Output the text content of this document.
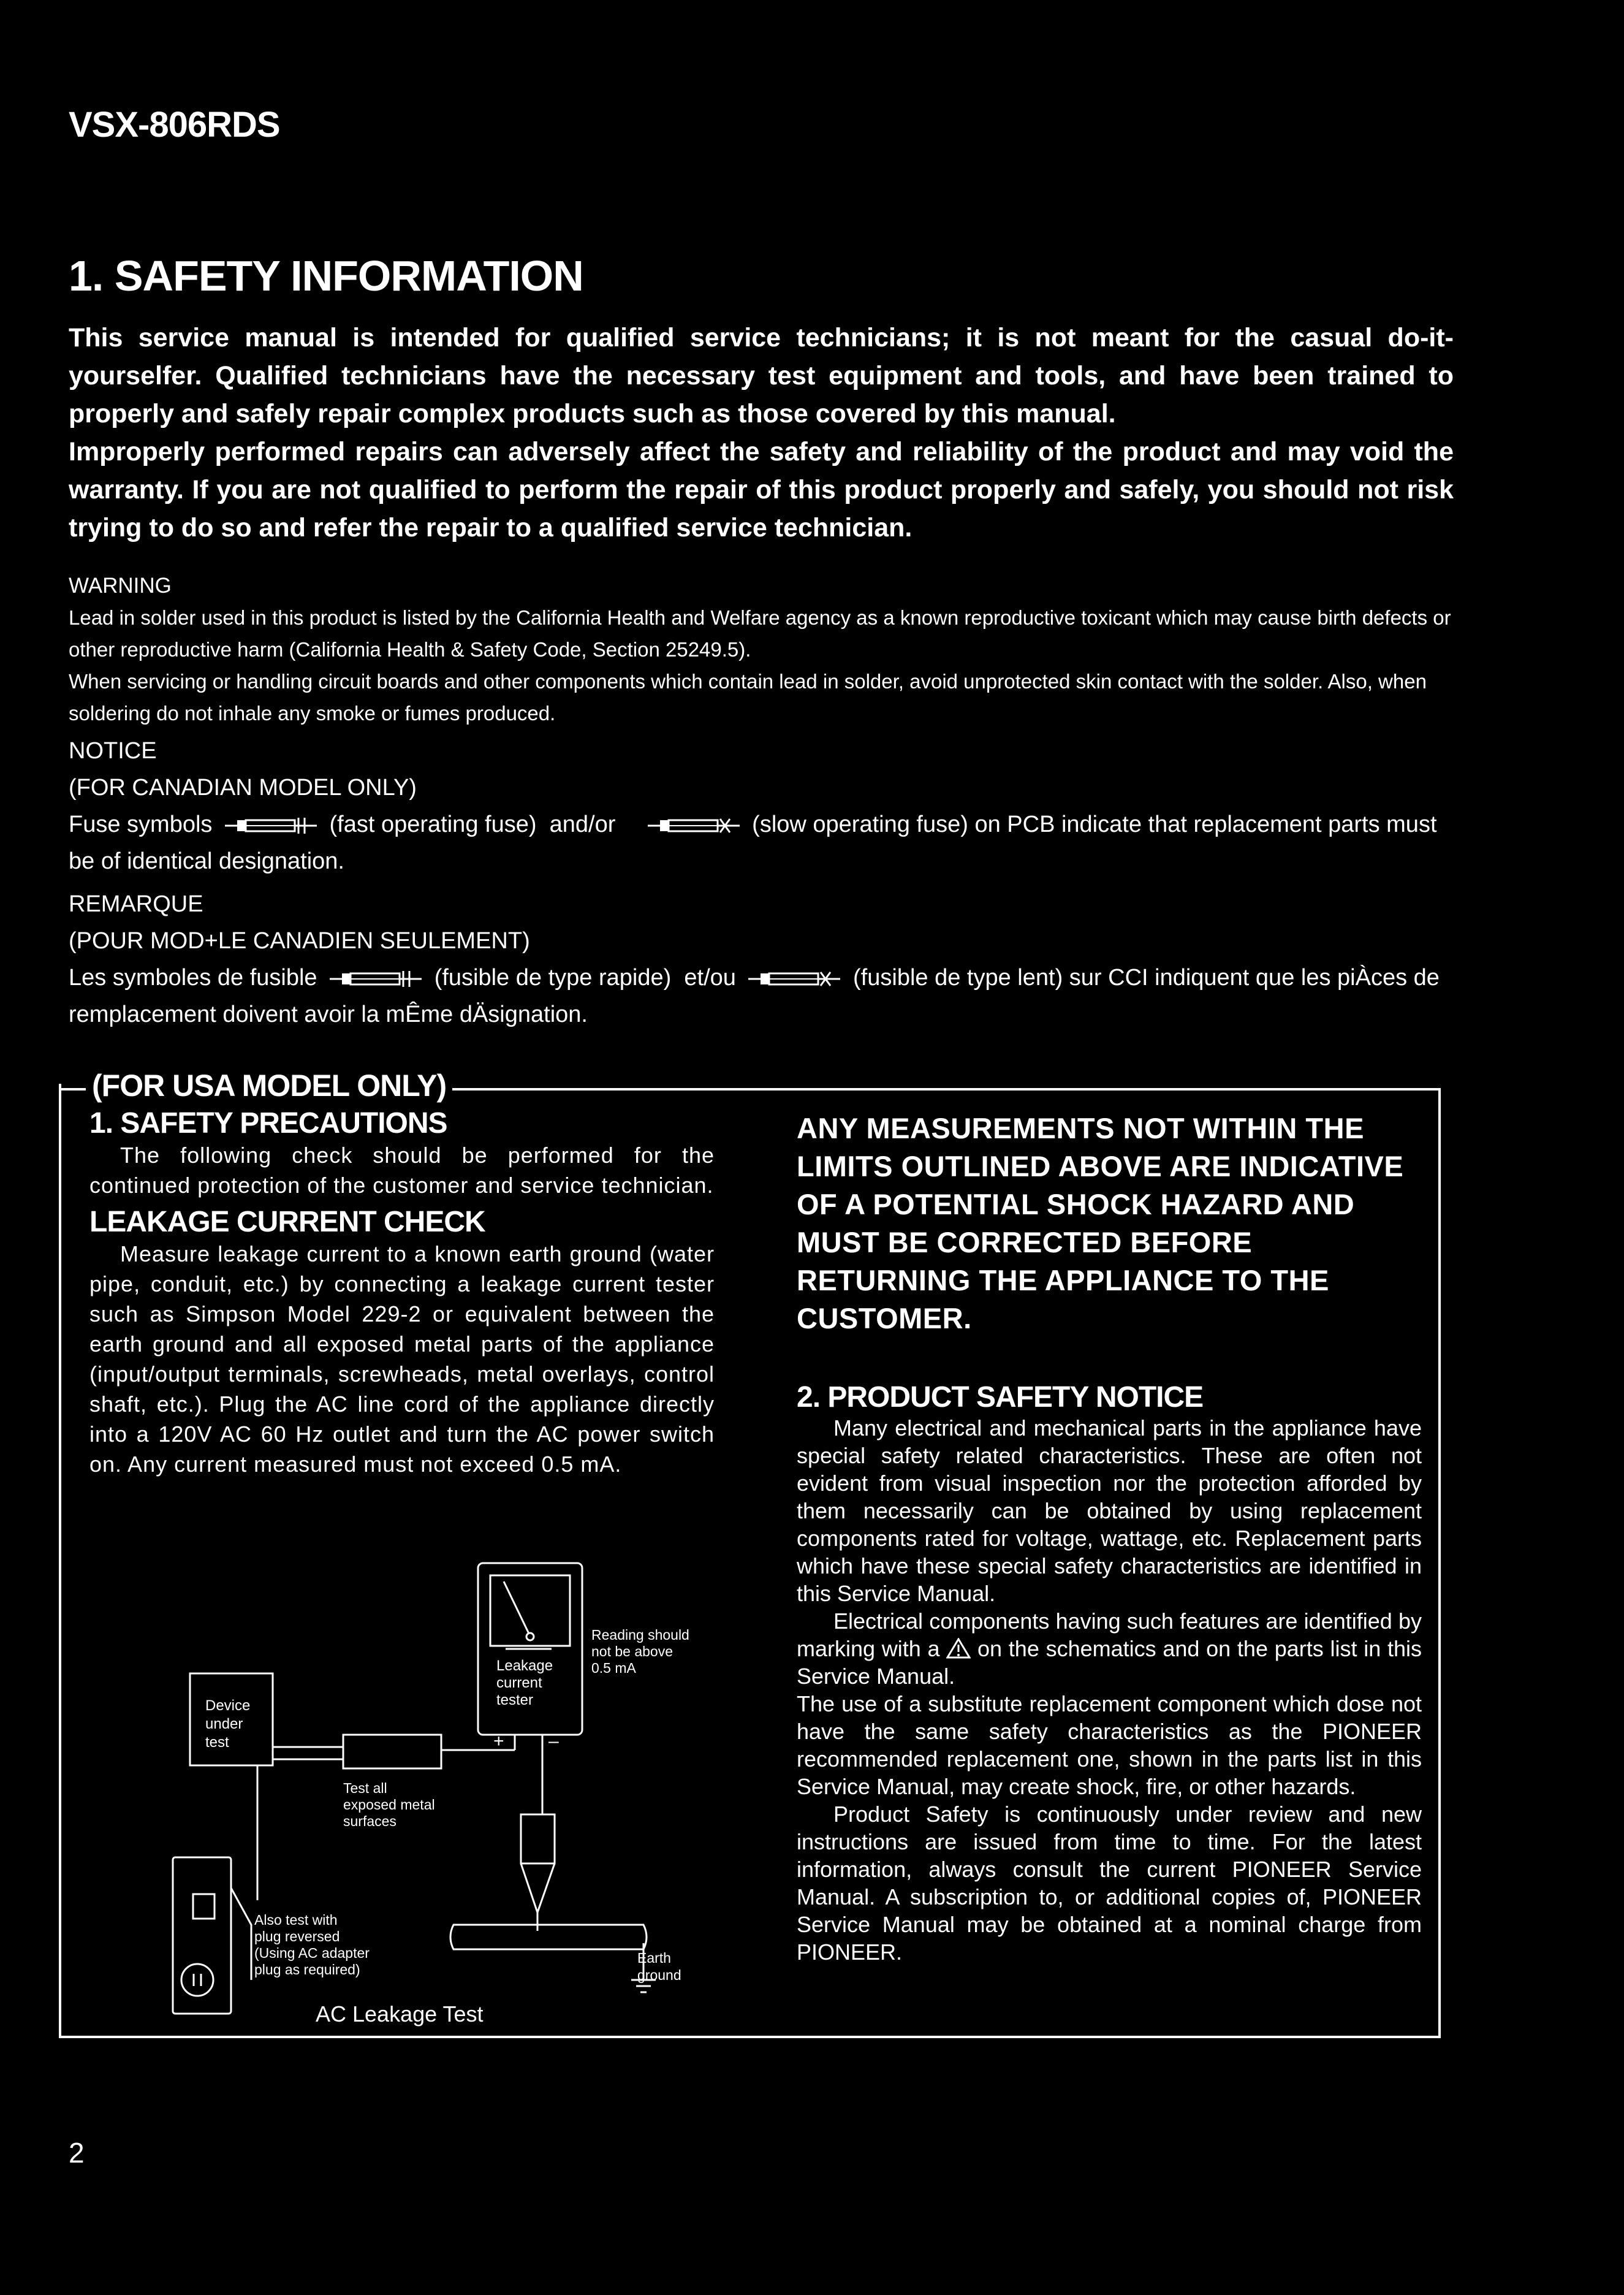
VSX-806RDS
1. SAFETY INFORMATION

This service manual is intended for qualified service technicians; it is not meant for the casual do-it-yourselfer. Qualified technicians have the necessary test equipment and tools, and have been trained to properly and safely repair complex products such as those covered by this manual.

Improperly performed repairs can adversely affect the safety and reliability of the product and may void the warranty. If you are not qualified to perform the repair of this product properly and safely, you should not risk trying to do so and refer the repair to a qualified service technician.

WARNING
Lead in solder used in this product is listed by the California Health and Welfare agency as a known reproductive toxicant which may cause birth defects or other reproductive harm (California Health & Safety Code, Section 25249.5).
When servicing or handling circuit boards and other components which contain lead in solder, avoid unprotected skin contact with the solder. Also, when soldering do not inhale any smoke or fumes produced.

NOTICE

(FOR CANADIAN MODEL ONLY)

Fuse symbols	(fast operating fuse) and/or	(slow operating fuse) on PCB indicate that replacement parts must be of identical designation.

REMARQUE

(POUR MOD+LE CANADIEN SEULEMENT)

Les symboles de fusible	(fusible de type rapide) et/ou	(fusible de type lent) sur CCI indiquent que les piÀces de remplacement doivent avoir la mÊme dÄsignation.

(FOR USA MODEL ONLY)
1. SAFETY PRECAUTIONS

The following check should be performed for the continued protection of the customer and service technician.

LEAKAGE CURRENT CHECK

Measure leakage current to a known earth ground (water pipe, conduit, etc.) by connecting a leakage current tester such as Simpson Model 229-2 or equivalent between the earth ground and all exposed metal parts of the appliance (input/output terminals, screwheads, metal overlays, control shaft, etc.). Plug the AC line cord of the appliance directly into a 120V AC 60 Hz outlet and turn the AC power switch on. Any current measured must not exceed 0.5 mA.

ANY MEASUREMENTS NOT WITHIN THE LIMITS OUTLINED ABOVE ARE INDICATIVE OF A POTENTIAL SHOCK HAZARD AND MUST BE CORRECTED BEFORE RETURNING THE APPLIANCE TO THE CUSTOMER.
2. PRODUCT SAFETY NOTICE

Many electrical and mechanical parts in the appliance have special safety related characteristics. These are often not evident from visual inspection nor the protection afforded by them necessarily can be obtained by using replacement components rated for voltage, wattage, etc. Replacement parts which have these special safety characteristics are identified in this Service Manual.

Electrical components having such features are identified by marking with a on the schematics and on the parts list in this Service Manual.

The use of a substitute replacement component which dose not have the same safety characteristics as the PIONEER recommended replacement one, shown in the parts list in this Service Manual, may create shock, fire, or other hazards.

Product Safety is continuously under review and new instructions are issued from time to time. For the latest information, always consult the current PIONEER Service Manual. A subscription to, or additional copies of, PIONEER Service Manual may be obtained at a nominal charge from PIONEER.

Device
under
test
Leakage
current
tester
+ –
Reading should
not be above
0.5 mA
Test all
exposed metal
surfaces
Also test with
plug reversed
(Using AC adapter
plug as required)
Earth
ground
AC Leakage Test
2
